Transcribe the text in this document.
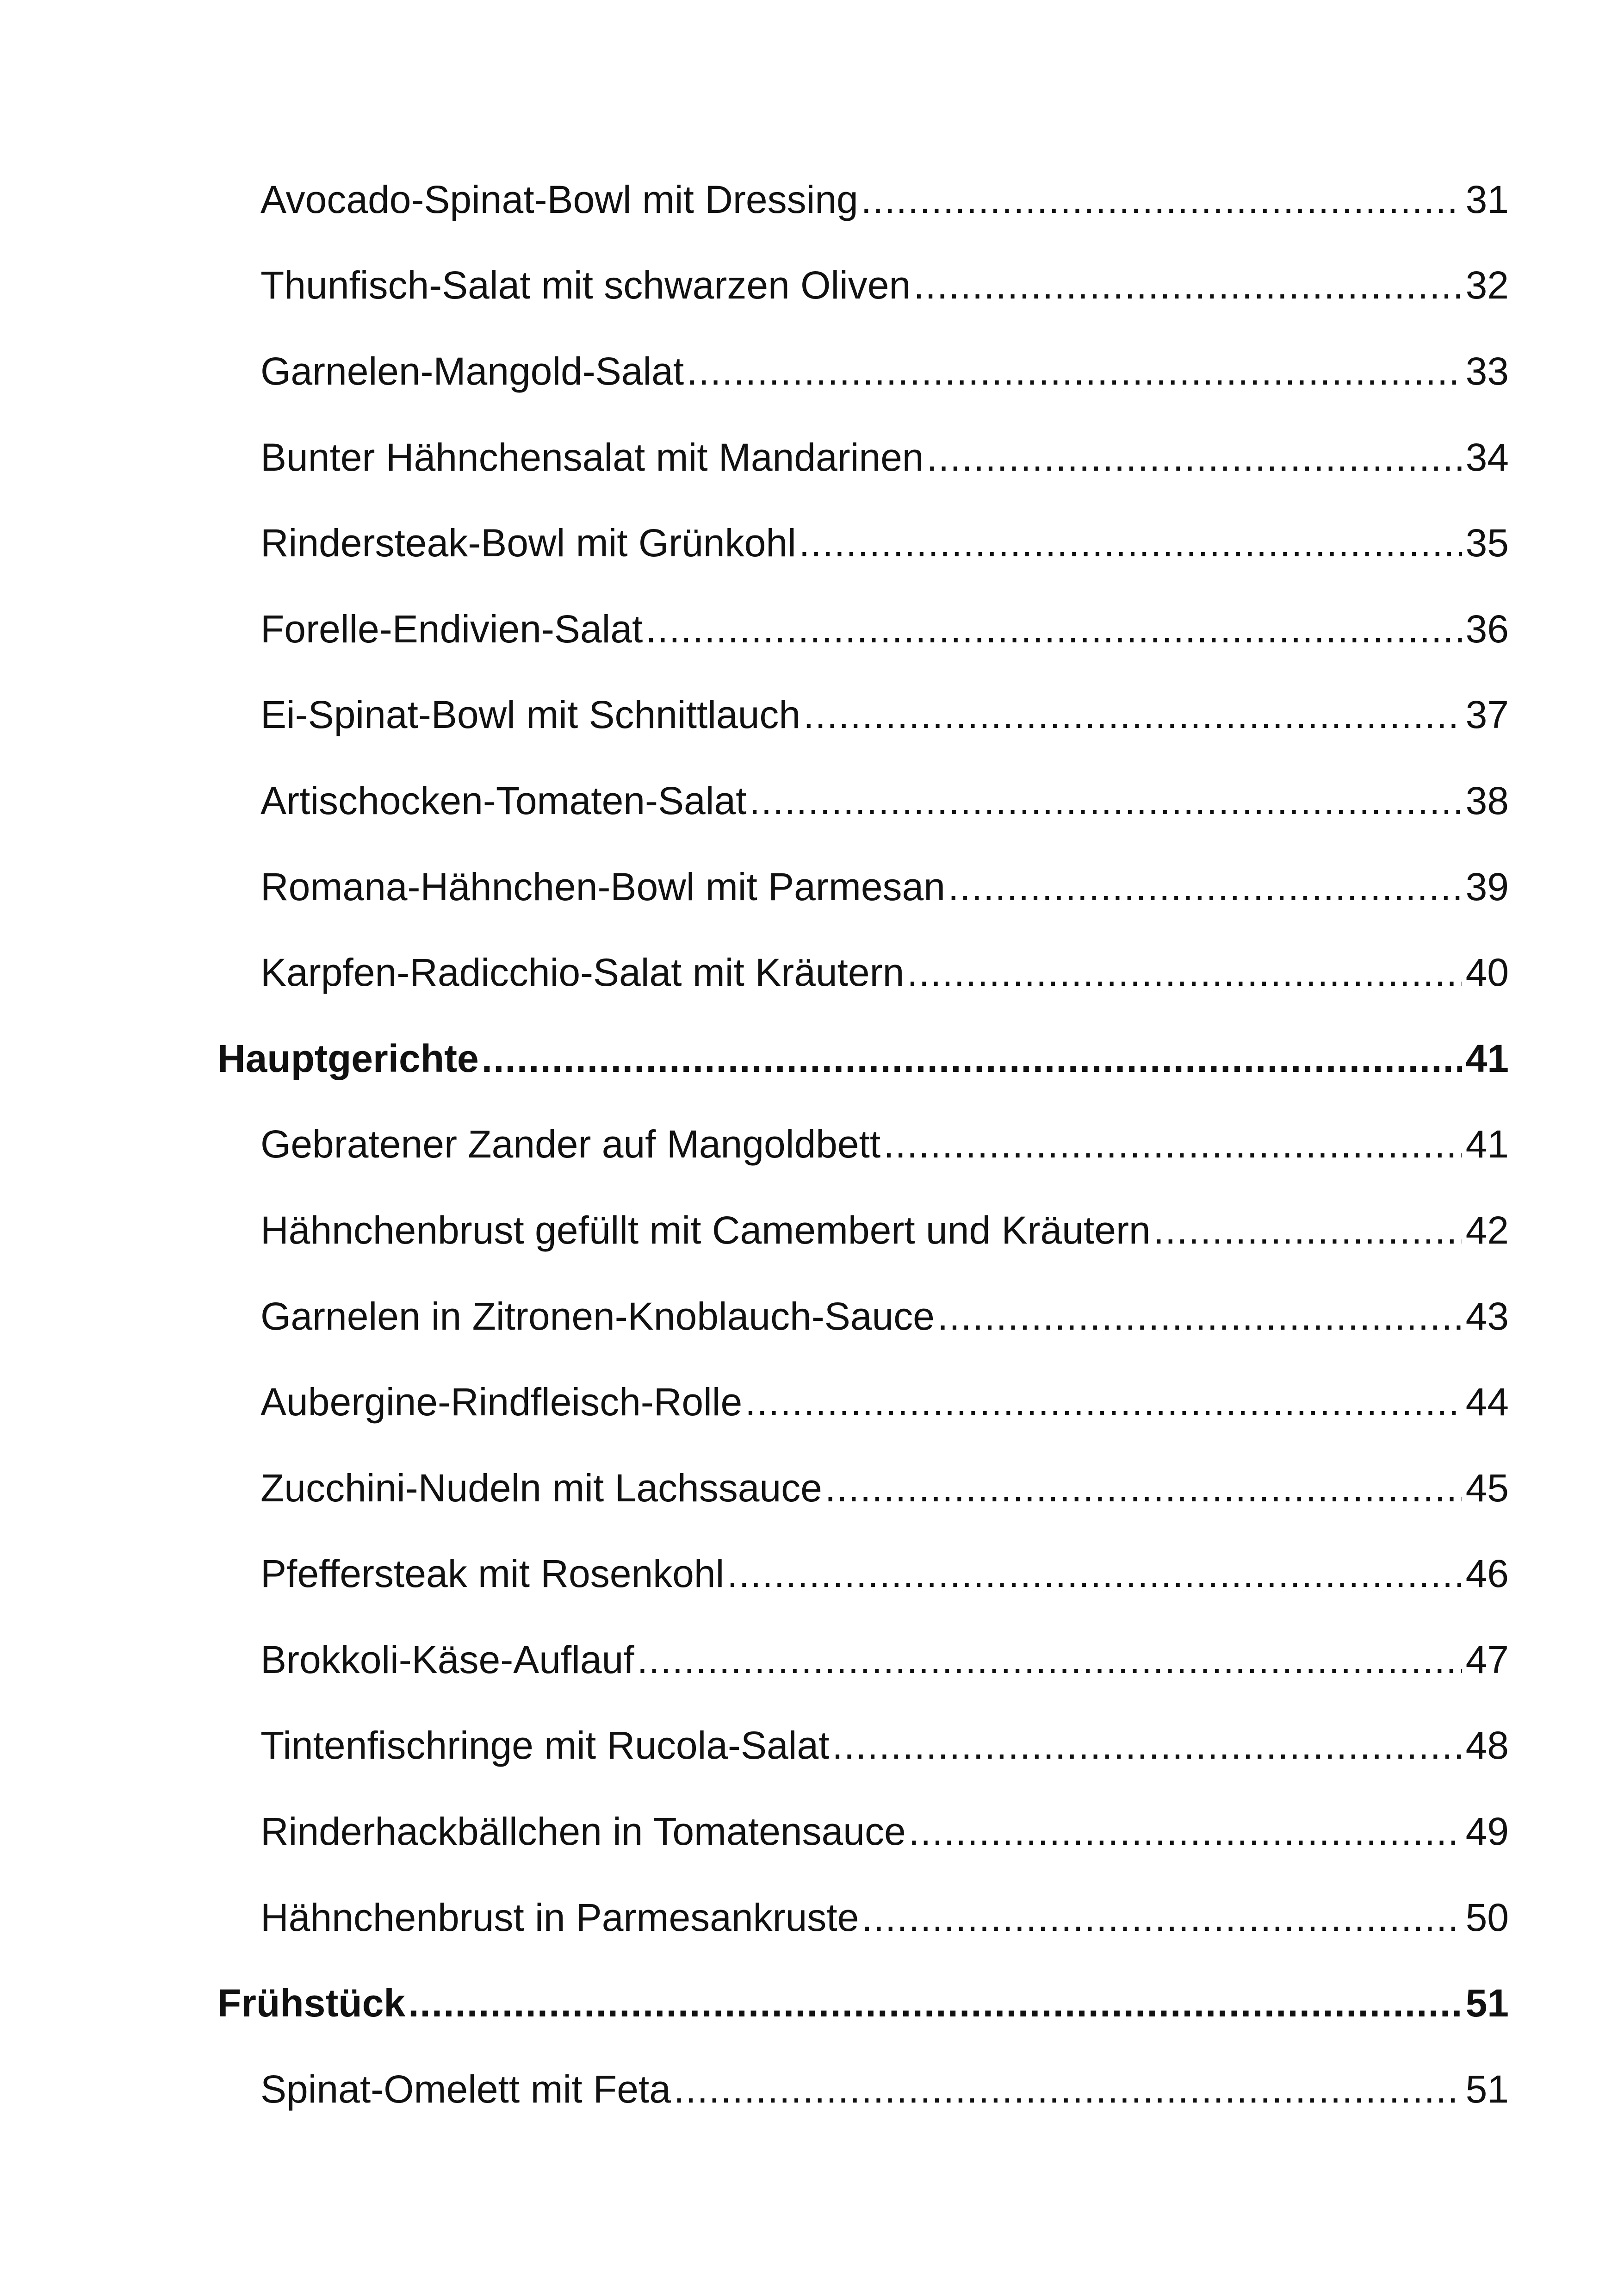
Avocado-Spinat-Bowl mit Dressing .....	31
Thunfisch-Salat mit schwarzen Oliven .....	32
Garnelen-Mangold-Salat .....	33
Bunter Hähnchensalat mit Mandarinen .....	34
Rindersteak-Bowl mit Grünkohl .....	35
Forelle-Endivien-Salat .....	36
Ei-Spinat-Bowl mit Schnittlauch .....	37
Artischocken-Tomaten-Salat .....	38
Romana-Hähnchen-Bowl mit Parmesan .....	39
Karpfen-Radicchio-Salat mit Kräutern .....	40
Hauptgerichte .....	41
Gebratener Zander auf Mangoldbett .....	41
Hähnchenbrust gefüllt mit Camembert und Kräutern .....	42
Garnelen in Zitronen-Knoblauch-Sauce .....	43
Aubergine-Rindfleisch-Rolle .....	44
Zucchini-Nudeln mit Lachssauce .....	45
Pfeffersteak mit Rosenkohl .....	46
Brokkoli-Käse-Auflauf .....	47
Tintenfischringe mit Rucola-Salat .....	48
Rinderhackbällchen in Tomatensauce .....	49
Hähnchenbrust in Parmesankruste .....	50
Frühstück .....	51
Spinat-Omelett mit Feta .....	51
